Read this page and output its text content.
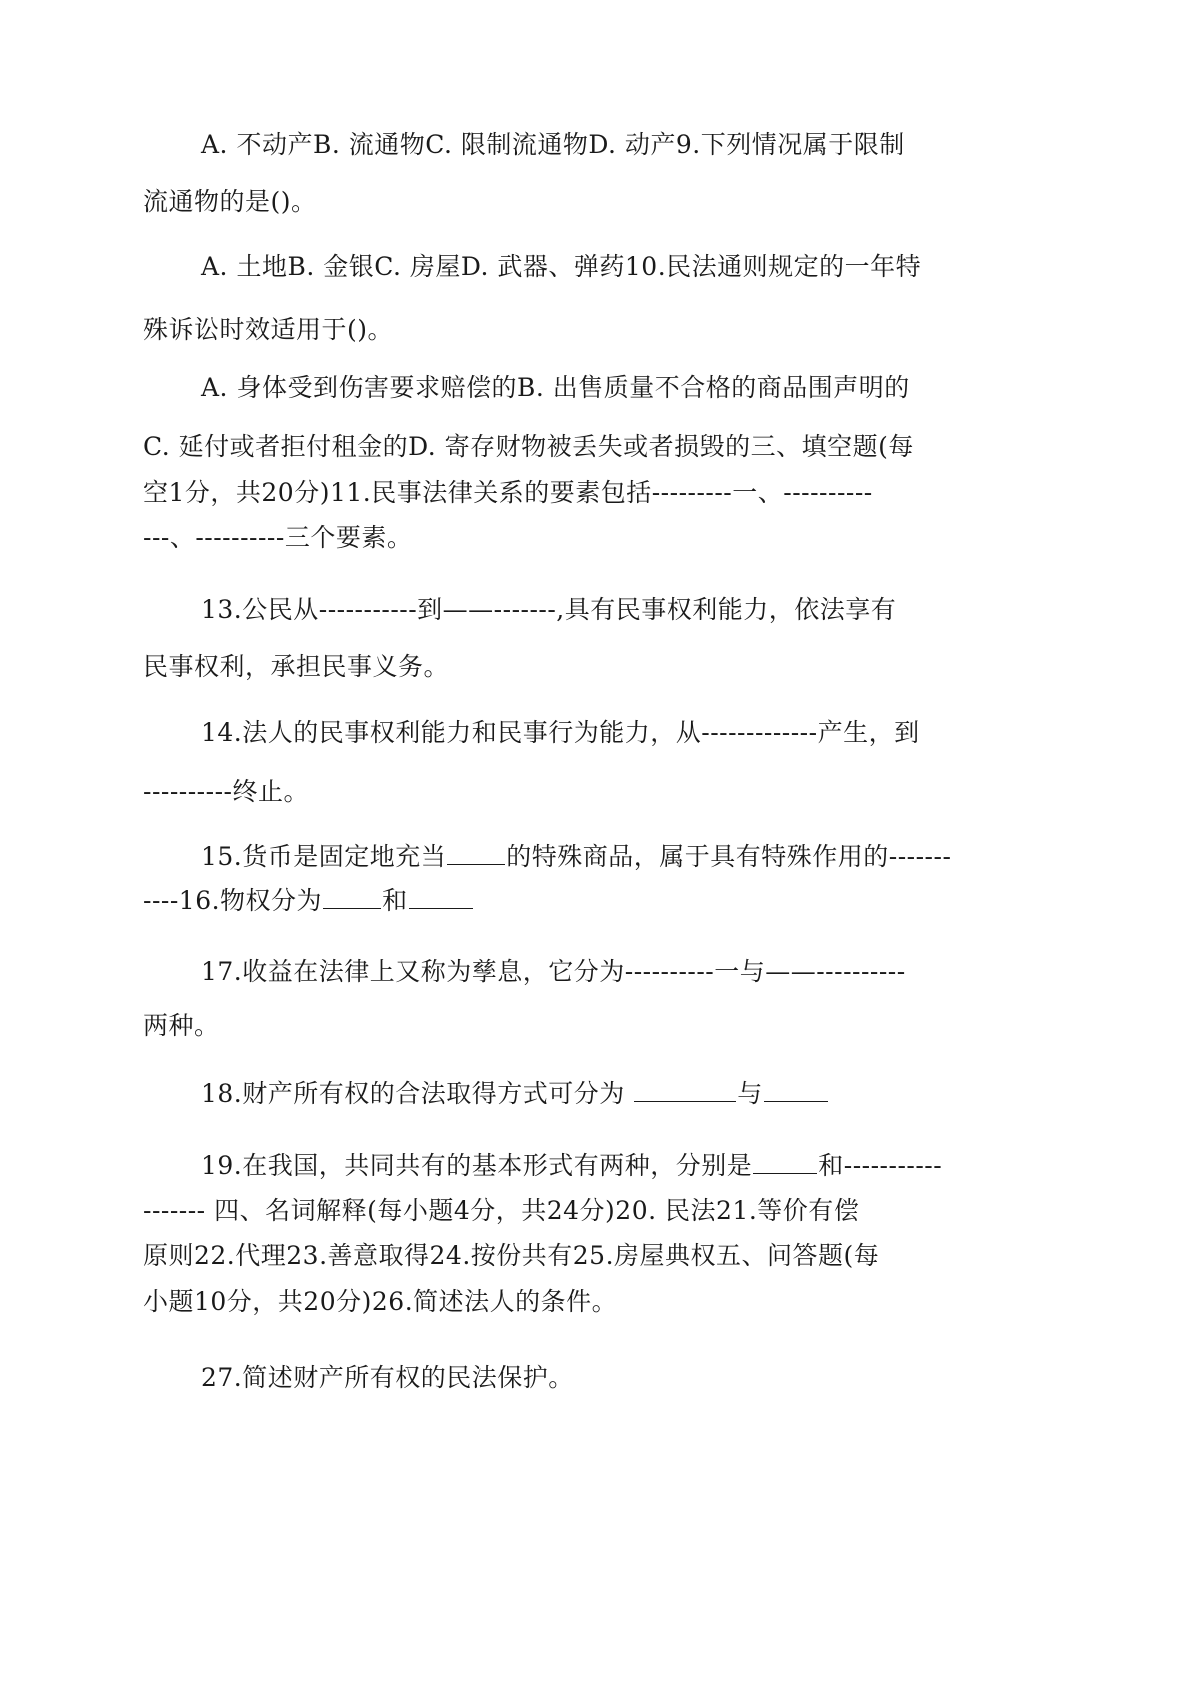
A. 不动产B. 流通物C. 限制流通物D. 动产9.下列情况属于限制

流通物的是()。

A. 土地B. 金银C. 房屋D. 武器、弹药10.民法通则规定的一年特

殊诉讼时效适用于()。

A. 身体受到伤害要求赔偿的B. 出售质量不合格的商品围声明的

C. 延付或者拒付租金的D. 寄存财物被丢失或者损毁的三、填空题(每

空1分，共20分)11.民事法律关系的要素包括---------一、----------

---、----------三个要素。

13.公民从-----------到——-------,具有民事权利能力，依法享有

民事权利，承担民事义务。

14.法人的民事权利能力和民事行为能力，从-------------产生，到

----------终止。

15.货币是固定地充当 的特殊商品，属于具有特殊作用的-------

----16.物权分为 和

17.收益在法律上又称为孳息，它分为----------一与——----------

两种。

18.财产所有权的合法取得方式可分为	与

19.在我国，共同共有的基本形式有两种，分别是	和-----------

------- 四、名词解释(每小题4分，共24分)20. 民法21.等价有偿

原则22.代理23.善意取得24.按份共有25.房屋典权五、问答题(每

小题10分，共20分)26.简述法人的条件。

27.简述财产所有权的民法保护。
